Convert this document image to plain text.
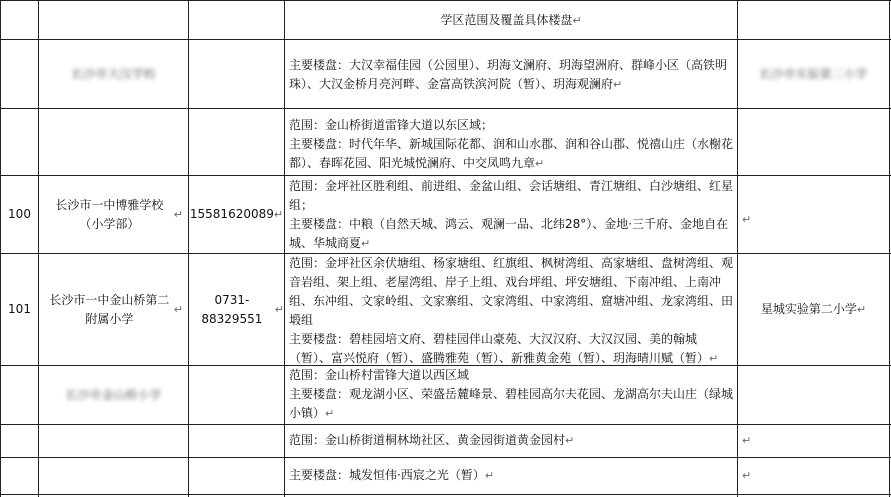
学区范围及覆盖具体楼盘 ↵
长沙市大汉学校
主要楼盘：大汉幸福佳园（公园里）、玥海文澜府、玥海望洲府、群峰小区（高铁明珠）、大汉金桥月亮河畔、金富高铁滨河院（暂）、玥海观澜府↵
长沙市实验第二小学
范围：金山桥街道雷锋大道以东区域；
主要楼盘：时代年华、新城国际花都、润和山水郡、润和谷山郡、悦禧山庄（水榭花都）、春晖花园、阳光城悦澜府、中交凤鸣九章↵
100
长沙市一中博雅学校（小学部）
↵ 15581620089 ↵
范围：金坪社区胜利组、前进组、金盆山组、会话塘组、青江塘组、白沙塘组、红星组；
主要楼盘：中粮（自然天城、鸿云、观澜一品、北纬28°）、金地·三千府、金地自在城、华城商夏↵
↵
101
长沙市一中金山桥第二附属小学
↵
0731-88329551
↵
范围：金坪社区余伏塘组、杨家塘组、红旗组、枫树湾组、高家塘组、盘树湾组、观音岩组、架上组、老屋湾组、岸子上组、戏台坪组、坪安塘组、下南冲组、上南冲组、东冲组、文家岭组、文家寨组、文家湾组、中家湾组、窟塘冲组、龙家湾组、田塅组
主要楼盘：碧桂园培文府、碧桂园伴山豪苑、大汉汉府、大汉汉园、美的翰城（暂）、富兴悦府（暂）、盛腾雅苑（暂）、新雅黄金苑（暂）、玥海晴川赋（暂）↵
星城实验第二小学 ↵
长沙市金山桥小学
范围：金山桥村雷锋大道以西区域
主要楼盘：观龙湖小区、荣盛岳麓峰景、碧桂园高尔夫花园、龙湖高尔夫山庄（绿城小镇）↵
范围：金山桥街道桐林坳社区、黄金园街道黄金园村↵	↵
主要楼盘：城发恒伟·西宸之光（暂）↵	↵
